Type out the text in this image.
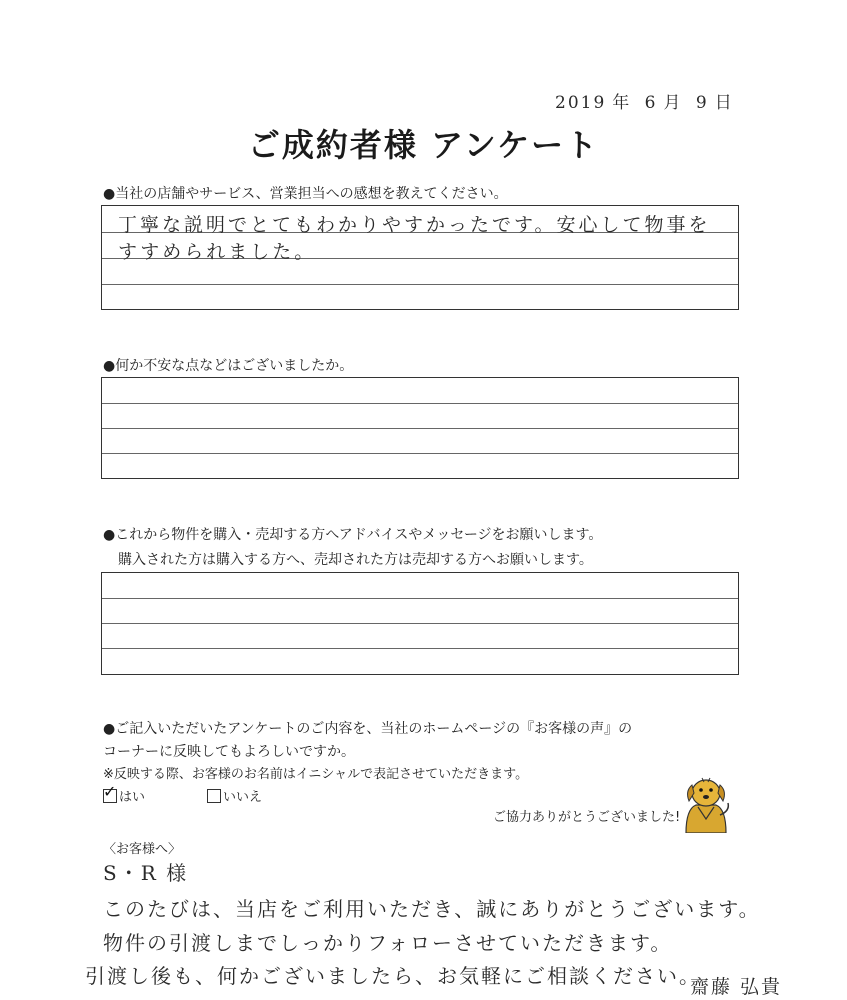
2019 年 6 月 9 日
ご成約者様 アンケート
●当社の店舗やサービス、営業担当への感想を教えてください。
丁寧な説明でとてもわかりやすかったです。安心して物事を
すすめられました。
●何か不安な点などはございましたか。
●これから物件を購入・売却する方へアドバイスやメッセージをお願いします。
購入された方は購入する方へ、売却された方は売却する方へお願いします。
●ご記入いただいたアンケートのご内容を、当社のホームページの『お客様の声』の
コーナーに反映してもよろしいですか。
※反映する際、お客様のお名前はイニシャルで表記させていただきます。
✓はい	いいえ
ご協力ありがとうございました!
〈お客様へ〉
S・R 様
このたびは、当店をご利用いただき、誠にありがとうございます。
物件の引渡しまでしっかりフォローさせていただきます。
引渡し後も、何かございましたら、お気軽にご相談ください。
齋藤 弘貴
